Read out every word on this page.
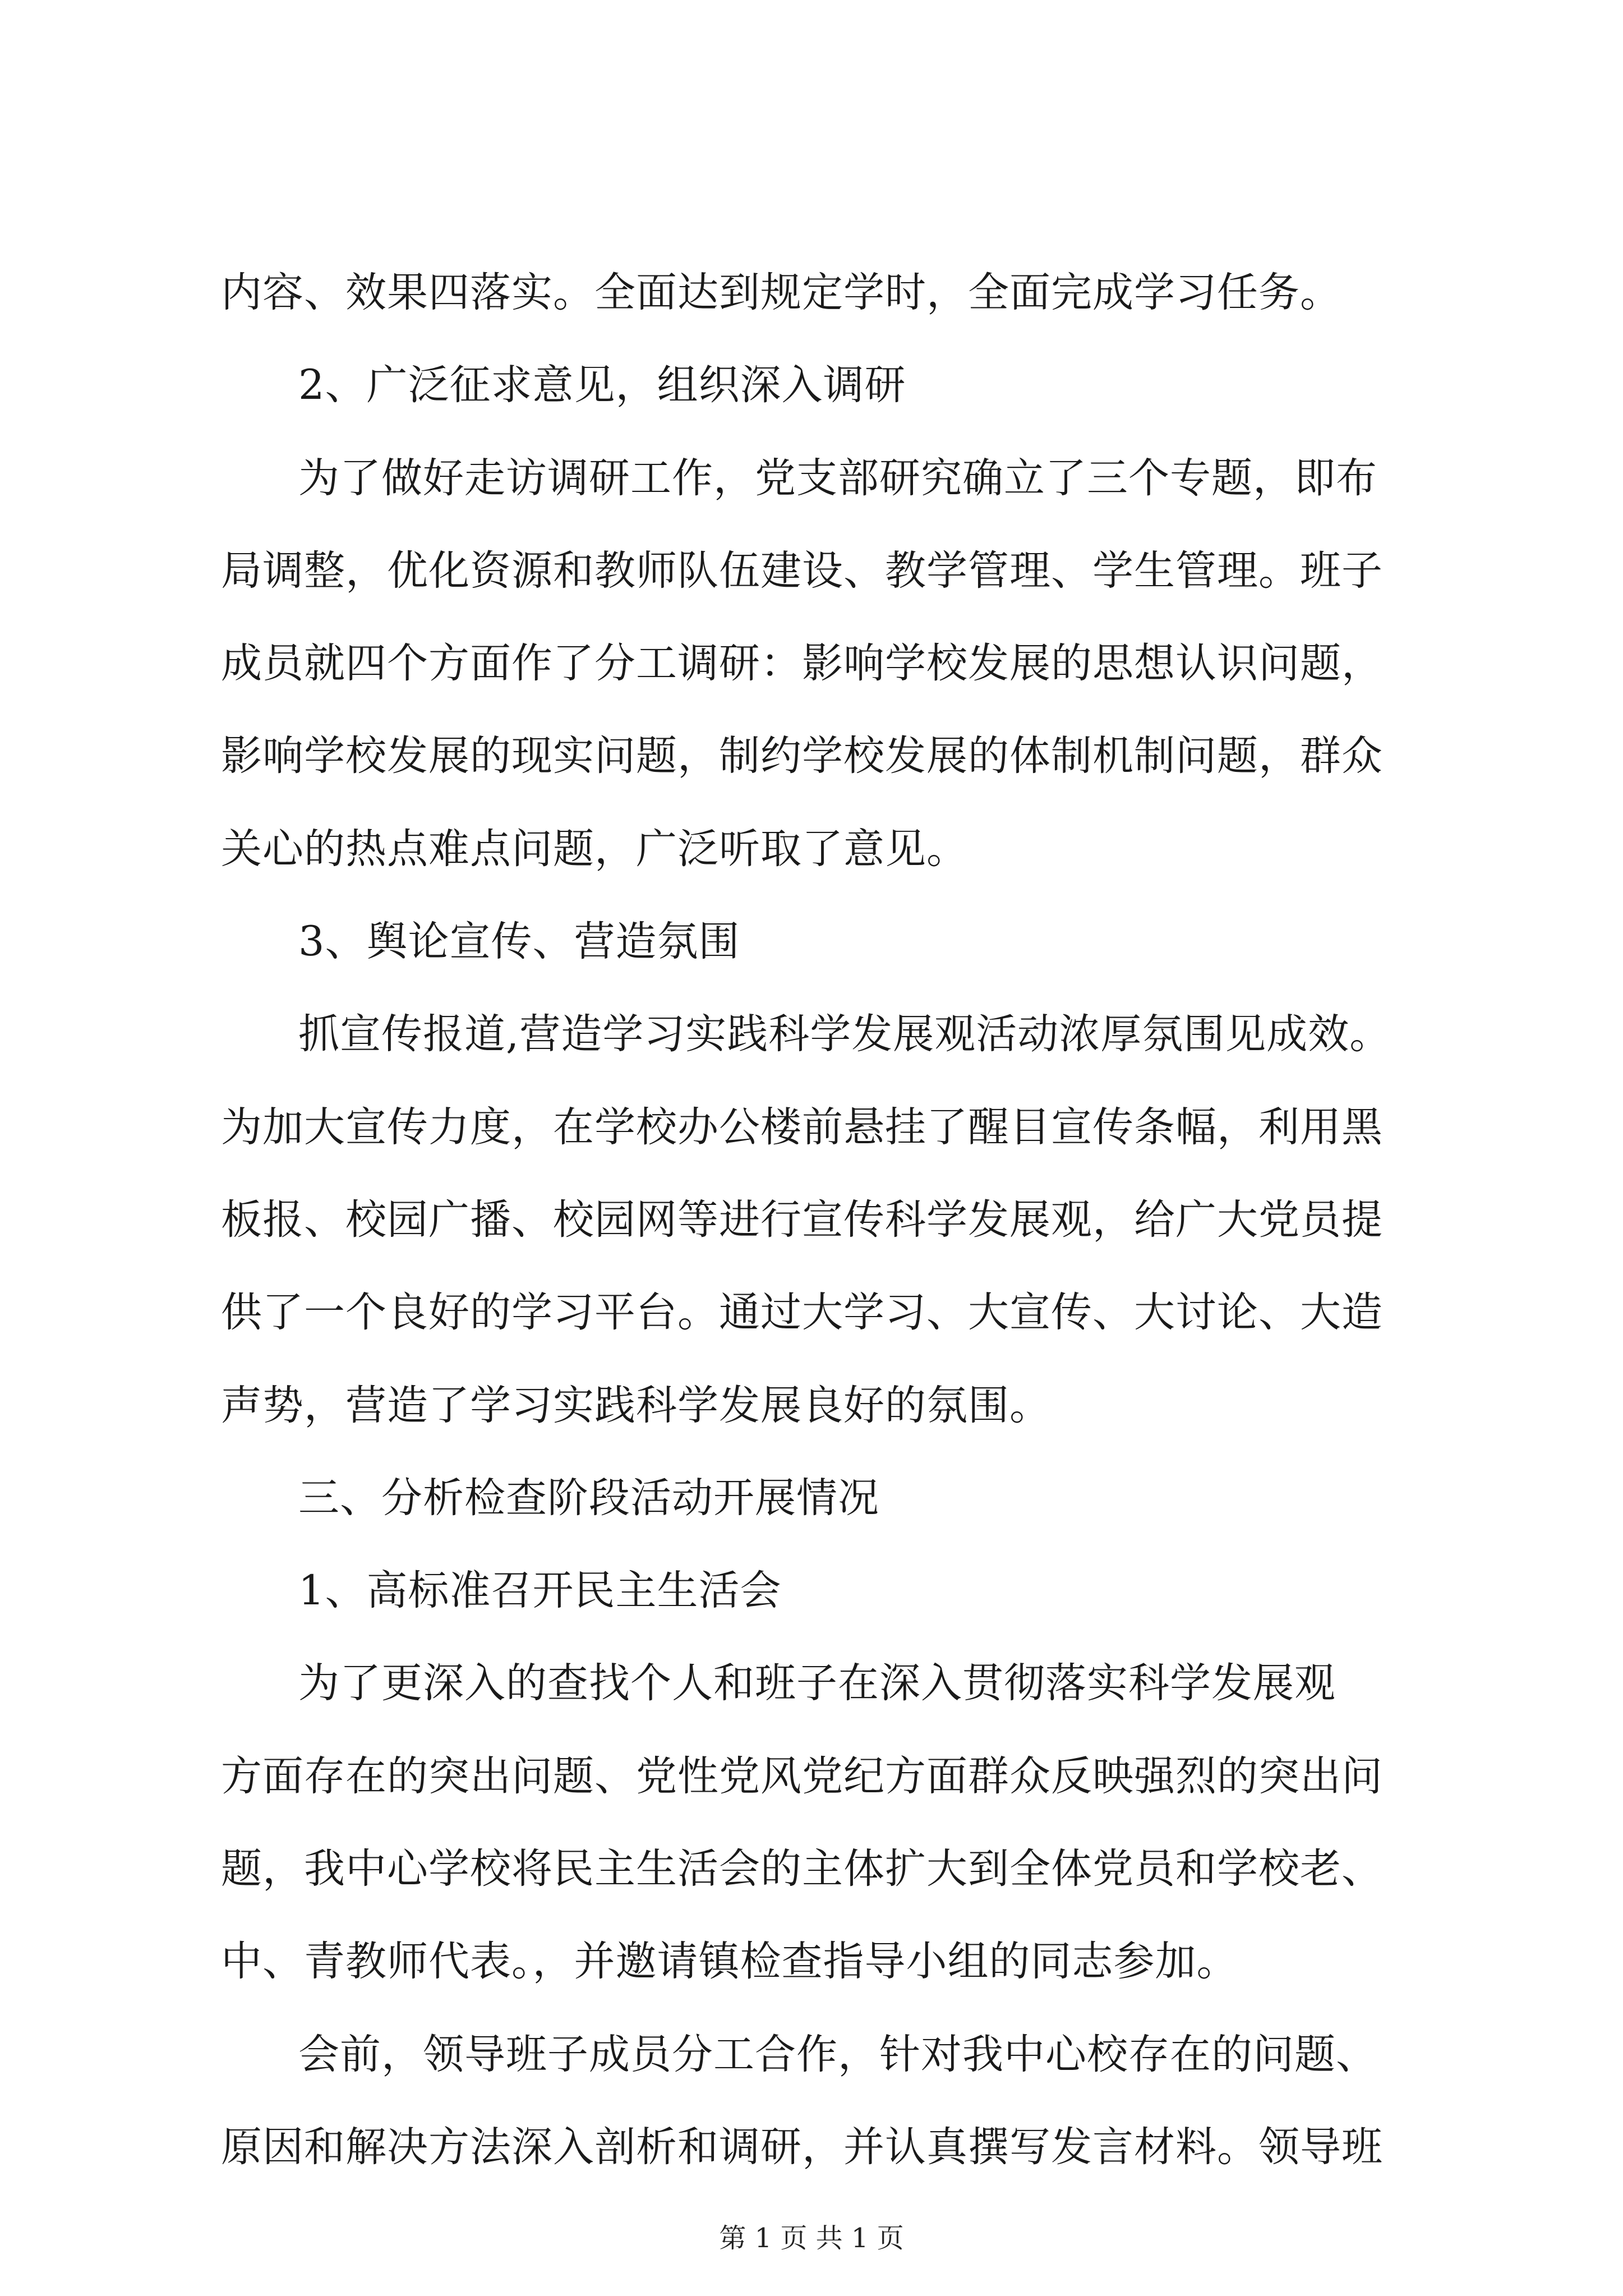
内容、效果四落实。全面达到规定学时，全面完成学习任务。
2、广泛征求意见，组织深入调研
为了做好走访调研工作，党支部研究确立了三个专题，即布
局调整，优化资源和教师队伍建设、教学管理、学生管理。班子
成员就四个方面作了分工调研：影响学校发展的思想认识问题，
影响学校发展的现实问题，制约学校发展的体制机制问题，群众
关心的热点难点问题，广泛听取了意见。
3、舆论宣传、营造氛围
抓宣传报道,营造学习实践科学发展观活动浓厚氛围见成效。
为加大宣传力度，在学校办公楼前悬挂了醒目宣传条幅，利用黑
板报、校园广播、校园网等进行宣传科学发展观，给广大党员提
供了一个良好的学习平台。通过大学习、大宣传、大讨论、大造
声势，营造了学习实践科学发展良好的氛围。
三、分析检查阶段活动开展情况
1、高标准召开民主生活会
为了更深入的查找个人和班子在深入贯彻落实科学发展观
方面存在的突出问题、党性党风党纪方面群众反映强烈的突出问
题，我中心学校将民主生活会的主体扩大到全体党员和学校老、
中、青教师代表。，并邀请镇检查指导小组的同志参加。
会前，领导班子成员分工合作，针对我中心校存在的问题、
原因和解决方法深入剖析和调研，并认真撰写发言材料。领导班
第 1 页 共 1 页
